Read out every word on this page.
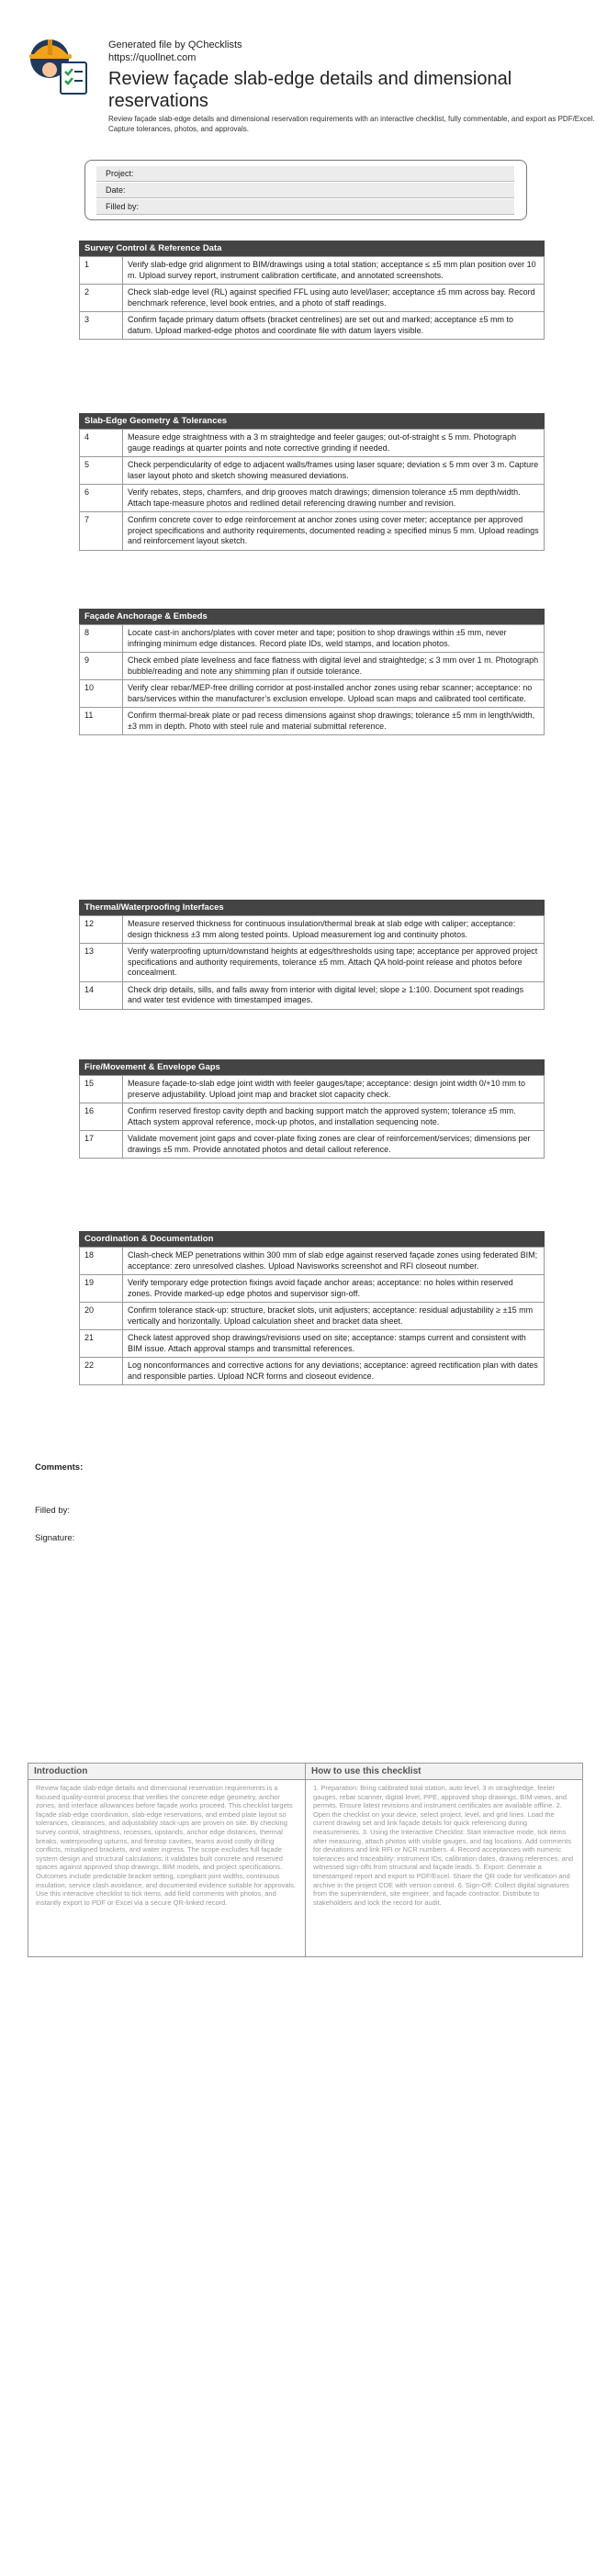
Generated file by QChecklists
https://quollnet.com
Review façade slab-edge details and dimensional reservations
Review façade slab-edge details and dimensional reservation requirements with an interactive checklist, fully commentable, and export as PDF/Excel. Capture tolerances, photos, and approvals.
Project:
Date:
Filled by:
Survey Control & Reference Data
1	Verify slab-edge grid alignment to BIM/drawings using a total station; acceptance ≤ ±5 mm plan position over 10 m. Upload survey report, instrument calibration certificate, and annotated screenshots.
2	Check slab-edge level (RL) against specified FFL using auto level/laser; acceptance ±5 mm across bay. Record benchmark reference, level book entries, and a photo of staff readings.
3	Confirm façade primary datum offsets (bracket centrelines) are set out and marked; acceptance ±5 mm to datum. Upload marked-edge photos and coordinate file with datum layers visible.
Slab-Edge Geometry & Tolerances
4	Measure edge straightness with a 3 m straightedge and feeler gauges; out-of-straight ≤ 5 mm. Photograph gauge readings at quarter points and note corrective grinding if needed.
5	Check perpendicularity of edge to adjacent walls/frames using laser square; deviation ≤ 5 mm over 3 m. Capture laser layout photo and sketch showing measured deviations.
6	Verify rebates, steps, chamfers, and drip grooves match drawings; dimension tolerance ±5 mm depth/width. Attach tape-measure photos and redlined detail referencing drawing number and revision.
7	Confirm concrete cover to edge reinforcement at anchor zones using cover meter; acceptance per approved project specifications and authority requirements, documented reading ≥ specified minus 5 mm. Upload readings and reinforcement layout sketch.
Façade Anchorage & Embeds
8	Locate cast-in anchors/plates with cover meter and tape; position to shop drawings within ±5 mm, never infringing minimum edge distances. Record plate IDs, weld stamps, and location photos.
9	Check embed plate levelness and face flatness with digital level and straightedge; ≤ 3 mm over 1 m. Photograph bubble/reading and note any shimming plan if outside tolerance.
10	Verify clear rebar/MEP-free drilling corridor at post-installed anchor zones using rebar scanner; acceptance: no bars/services within the manufacturer’s exclusion envelope. Upload scan maps and calibrated tool certificate.
11	Confirm thermal-break plate or pad recess dimensions against shop drawings; tolerance ±5 mm in length/width, ±3 mm in depth. Photo with steel rule and material submittal reference.
Thermal/Waterproofing Interfaces
12	Measure reserved thickness for continuous insulation/thermal break at slab edge with caliper; acceptance: design thickness ±3 mm along tested points. Upload measurement log and continuity photos.
13	Verify waterproofing upturn/downstand heights at edges/thresholds using tape; acceptance per approved project specifications and authority requirements, tolerance ±5 mm. Attach QA hold-point release and photos before concealment.
14	Check drip details, sills, and falls away from interior with digital level; slope ≥ 1:100. Document spot readings and water test evidence with timestamped images.
Fire/Movement & Envelope Gaps
15	Measure façade-to-slab edge joint width with feeler gauges/tape; acceptance: design joint width 0/+10 mm to preserve adjustability. Upload joint map and bracket slot capacity check.
16	Confirm reserved firestop cavity depth and backing support match the approved system; tolerance ±5 mm. Attach system approval reference, mock-up photos, and installation sequencing note.
17	Validate movement joint gaps and cover-plate fixing zones are clear of reinforcement/services; dimensions per drawings ±5 mm. Provide annotated photos and detail callout reference.
Coordination & Documentation
18	Clash-check MEP penetrations within 300 mm of slab edge against reserved façade zones using federated BIM; acceptance: zero unresolved clashes. Upload Navisworks screenshot and RFI closeout number.
19	Verify temporary edge protection fixings avoid façade anchor areas; acceptance: no holes within reserved zones. Provide marked-up edge photos and supervisor sign-off.
20	Confirm tolerance stack-up: structure, bracket slots, unit adjusters; acceptance: residual adjustability ≥ ±15 mm vertically and horizontally. Upload calculation sheet and bracket data sheet.
21	Check latest approved shop drawings/revisions used on site; acceptance: stamps current and consistent with BIM issue. Attach approval stamps and transmittal references.
22	Log nonconformances and corrective actions for any deviations; acceptance: agreed rectification plan with dates and responsible parties. Upload NCR forms and closeout evidence.
Comments:
Filled by:
Signature:
Introduction
Review façade slab-edge details and dimensional reservation requirements is a focused quality-control process that verifies the concrete edge geometry, anchor zones, and interface allowances before façade works proceed. This checklist targets façade slab-edge coordination, slab-edge reservations, and embed plate layout so tolerances, clearances, and adjustability stack-ups are proven on site. By checking survey control, straightness, recesses, upstands, anchor edge distances, thermal breaks, waterproofing upturns, and firestop cavities, teams avoid costly drilling conflicts, misaligned brackets, and water ingress. The scope excludes full façade system design and structural calculations; it validates built concrete and reserved spaces against approved shop drawings, BIM models, and project specifications. Outcomes include predictable bracket setting, compliant joint widths, continuous insulation, service clash avoidance, and documented evidence suitable for approvals. Use this interactive checklist to tick items, add field comments with photos, and instantly export to PDF or Excel via a secure QR-linked record.
How to use this checklist
1. Preparation: Bring calibrated total station, auto level, 3 m straightedge, feeler gauges, rebar scanner, digital level, PPE, approved shop drawings, BIM views, and permits. Ensure latest revisions and instrument certificates are available offline. 2. Open the checklist on your device, select project, level, and grid lines. Load the current drawing set and link façade details for quick referencing during measurements. 3. Using the Interactive Checklist: Start interactive mode, tick items after measuring, attach photos with visible gauges, and tag locations. Add comments for deviations and link RFI or NCR numbers. 4. Record acceptances with numeric tolerances and traceability: instrument IDs, calibration dates, drawing references, and witnessed sign-offs from structural and façade leads. 5. Export: Generate a timestamped report and export to PDF/Excel. Share the QR code for verification and archive in the project CDE with version control. 6. Sign-Off: Collect digital signatures from the superintendent, site engineer, and façade contractor. Distribute to stakeholders and lock the record for audit.
